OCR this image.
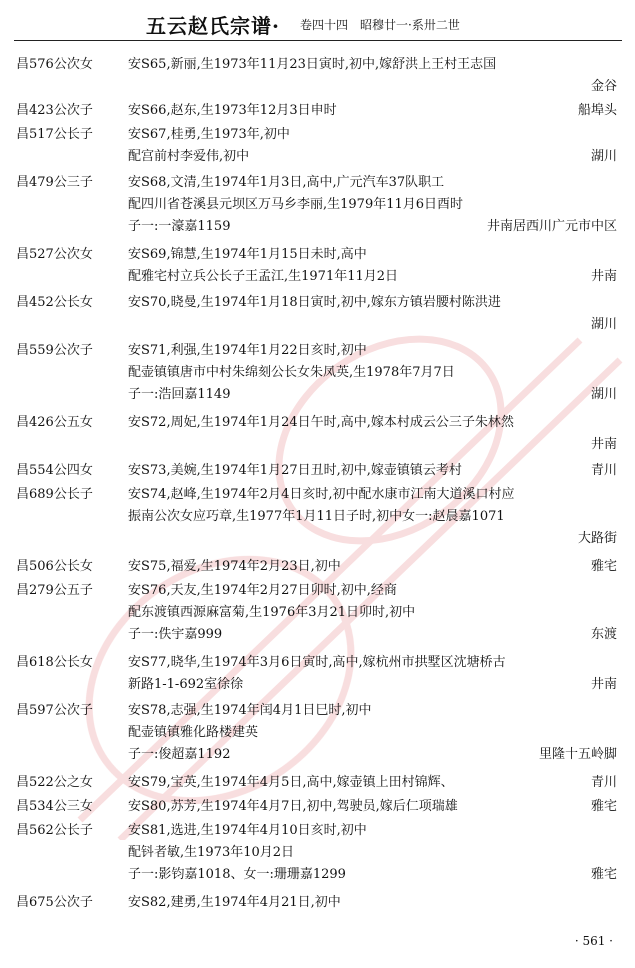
五云赵氏宗谱· 卷四十四　昭穆廿一·系卅二世
昌576公次女	安S65,新丽,生1973年11月23日寅时,初中,嫁舒洪上王村王志国
金谷
昌423公次子	安S66,赵东,生1973年12月3日申时	船埠头
昌517公长子	安S67,桂勇,生1973年,初中
配宫前村李爱伟,初中	湖川
昌479公三子	安S68,文清,生1974年1月3日,高中,广元汽车37队职工
配四川省苍溪县元坝区万马乡李丽,生1979年11月6日酉时
子一:一濠嘉1159	井南居西川广元市中区
昌527公次女	安S69,锦慧,生1974年1月15日未时,高中
配雅宅村立兵公长子王孟江,生1971年11月2日	井南
昌452公长女	安S70,晓曼,生1974年1月18日寅时,初中,嫁东方镇岩腰村陈洪进
湖川
昌559公次子	安S71,利强,生1974年1月22日亥时,初中
配壶镇镇唐市中村朱绵刻公长女朱凤英,生1978年7月7日
子一:浩回嘉1149	湖川
昌426公五女	安S72,周妃,生1974年1月24日午时,高中,嫁本村成云公三子朱林然
井南
昌554公四女	安S73,美婉,生1974年1月27日丑时,初中,嫁壶镇镇云考村	青川
昌689公长子	安S74,赵峰,生1974年2月4日亥时,初中配水康市江南大道溪口村应
振南公次女应巧章,生1977年1月11日子时,初中女一:赵晨嘉1071
大路街
昌506公长女	安S75,福爱,生1974年2月23日,初中	雅宅
昌279公五子	安S76,天友,生1974年2月27日卯时,初中,经商
配东渡镇西源麻富菊,生1976年3月21日卯时,初中
子一:佚宇嘉999	东渡
昌618公长女	安S77,晓华,生1974年3月6日寅时,高中,嫁杭州市拱墅区沈塘桥古
新路1-1-692室徐徐	井南
昌597公次子	安S78,志强,生1974年闰4月1日巳时,初中
配壶镇镇雅化路楼建英
子一:俊超嘉1192	里隆十五岭脚
昌522公之女	安S79,宝英,生1974年4月5日,高中,嫁壶镇上田村锦辉、	青川
昌534公三女	安S80,苏芳,生1974年4月7日,初中,驾驶员,嫁后仁项瑞雄	雅宅
昌562公长子	安S81,选进,生1974年4月10日亥时,初中
配钭者敏,生1973年10月2日
子一:影钧嘉1018、女一:珊珊嘉1299	雅宅
昌675公次子	安S82,建勇,生1974年4月21日,初中
· 561 ·
